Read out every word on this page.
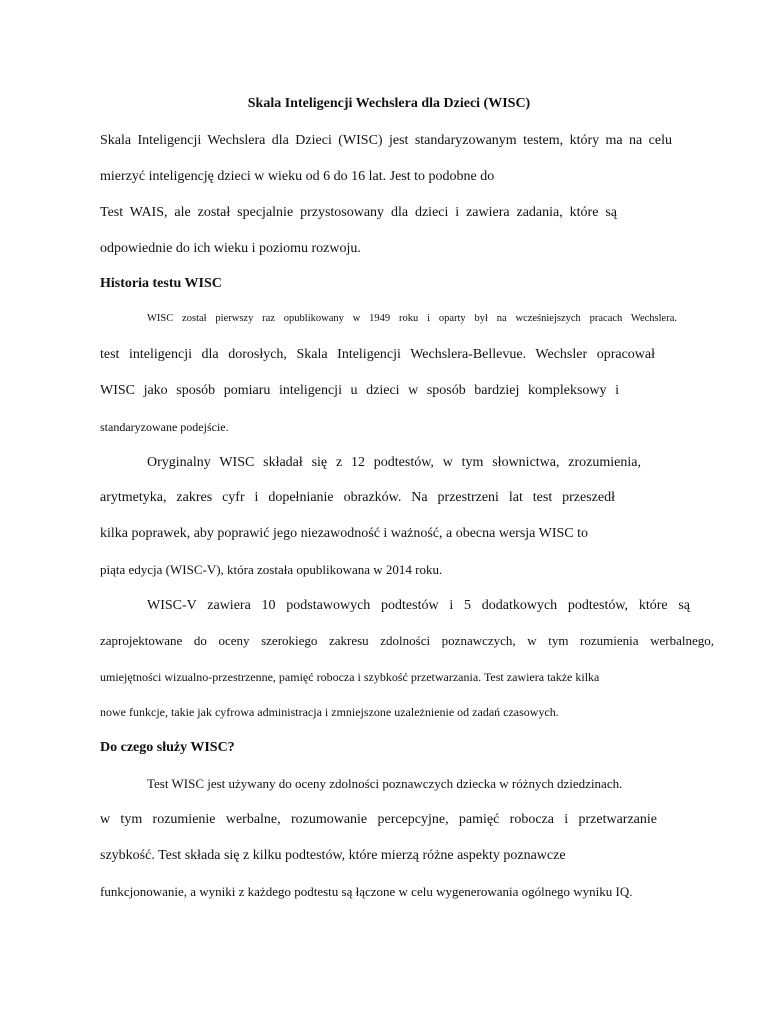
Skala Inteligencji Wechslera dla Dzieci (WISC)
Skala Inteligencji Wechslera dla Dzieci (WISC) jest standaryzowanym testem, który ma na celu
mierzyć inteligencję dzieci w wieku od 6 do 16 lat. Jest to podobne do
Test WAIS, ale został specjalnie przystosowany dla dzieci i zawiera zadania, które są
odpowiednie do ich wieku i poziomu rozwoju.
Historia testu WISC
WISC został pierwszy raz opublikowany w 1949 roku i oparty był na wcześniejszych pracach Wechslera.
test inteligencji dla dorosłych, Skala Inteligencji Wechslera-Bellevue. Wechsler opracował
WISC jako sposób pomiaru inteligencji u dzieci w sposób bardziej kompleksowy i
standaryzowane podejście.
Oryginalny WISC składał się z 12 podtestów, w tym słownictwa, zrozumienia,
arytmetyka, zakres cyfr i dopełnianie obrazków. Na przestrzeni lat test przeszedł
kilka poprawek, aby poprawić jego niezawodność i ważność, a obecna wersja WISC to
piąta edycja (WISC-V), która została opublikowana w 2014 roku.
WISC-V zawiera 10 podstawowych podtestów i 5 dodatkowych podtestów, które są
zaprojektowane do oceny szerokiego zakresu zdolności poznawczych, w tym rozumienia werbalnego,
umiejętności wizualno-przestrzenne, pamięć robocza i szybkość przetwarzania. Test zawiera także kilka
nowe funkcje, takie jak cyfrowa administracja i zmniejszone uzależnienie od zadań czasowych.
Do czego służy WISC?
Test WISC jest używany do oceny zdolności poznawczych dziecka w różnych dziedzinach.
w tym rozumienie werbalne, rozumowanie percepcyjne, pamięć robocza i przetwarzanie
szybkość. Test składa się z kilku podtestów, które mierzą różne aspekty poznawcze
funkcjonowanie, a wyniki z każdego podtestu są łączone w celu wygenerowania ogólnego wyniku IQ.
